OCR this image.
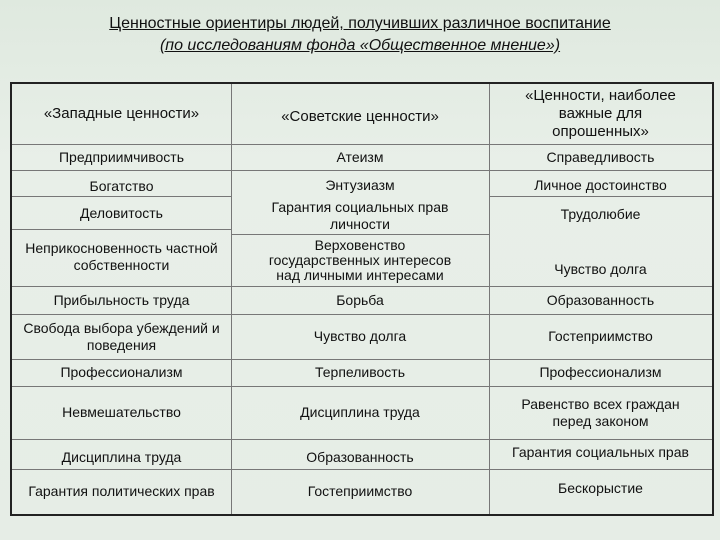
Ценностные ориентиры людей, получивших различное воспитание
(по исследованиям фонда «Общественное мнение»)
«Западные ценности»	«Советские ценности»
«Ценности, наиболее важные для опрошенных»
Предприимчивость
Богатство
Деловитость
Неприкосновенность частной собственности
Прибыльность труда
Свобода выбора убеждений и поведения
Профессионализм
Невмешательство
Дисциплина труда
Гарантия политических прав
Атеизм
Энтузиазм
Гарантия социальных прав личности
Верховенство государственных интересов над личными интересами
Борьба
Чувство долга
Терпеливость
Дисциплина труда
Образованность
Гостеприимство
Справедливость
Личное достоинство
Трудолюбие
Чувство долга
Образованность
Гостеприимство
Профессионализм
Равенство всех граждан перед законом
Гарантия социальных прав
Бескорыстие
